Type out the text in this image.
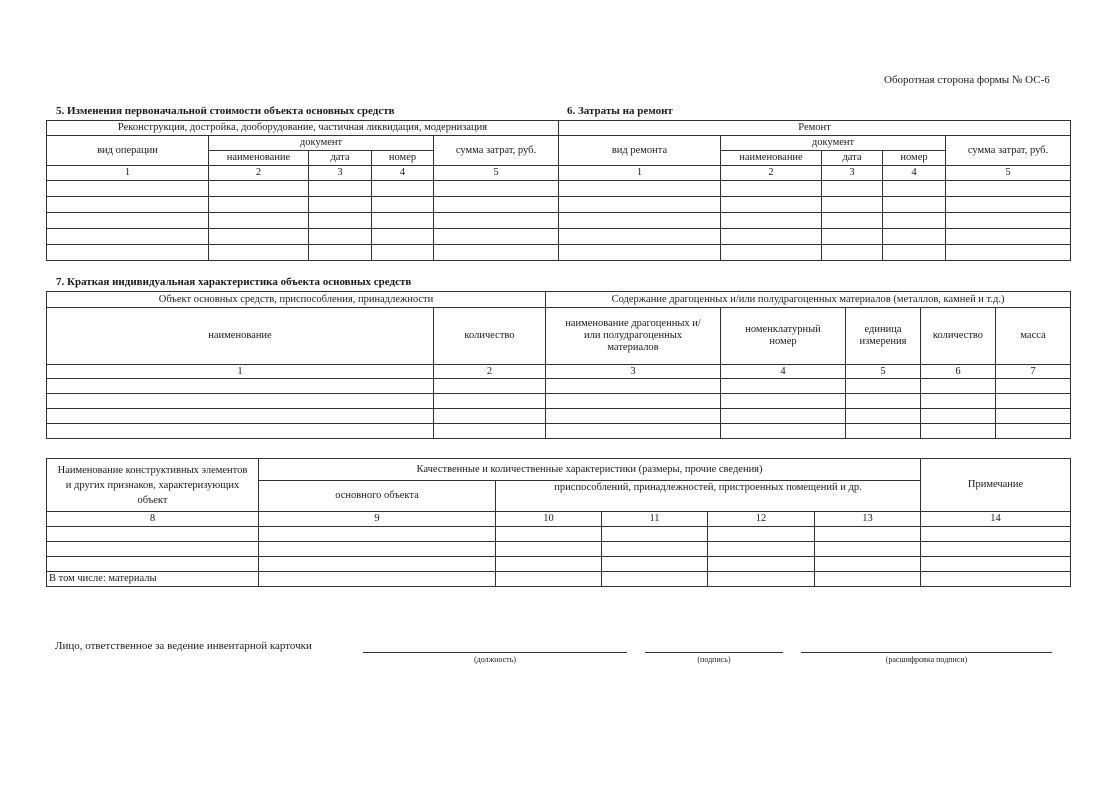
Оборотная сторона формы № ОС-6
5. Изменения первоначальной стоимости объекта основных средств
Реконструкция, достройка, дооборудование, частичная ликвидация, модернизация				
вид операции	документ			сумма затрат, руб.
	наименование	дата	номер	
1	2	3	4	5

6. Затраты на ремонт
Ремонт				
вид ремонта	документ			сумма затрат, руб.
	наименование	дата	номер	
1	2	3	4	5

7. Краткая индивидуальная характеристика объекта основных средств
Объект основных средств, приспособления, принадлежности		Содержание драгоценных и/или полудрагоценных материалов (металлов, камней и т.д.)				
наименование	количество	наименование драгоценных и/или полудрагоценных материалов	номенклатурный номер	единица измерения	количество	масса
1	2	3	4	5	6	7

Наименование конструктивных элементов и других признаков, характеризующих объект	Качественные и количественные характеристики (размеры, прочие сведения)					Примечание
	основного объекта	приспособлений, принадлежностей, пристроенных помещений и др.				
8	9	10	11	12	13	14

В том числе: материалы						
Лицо, ответственное за ведение инвентарной карточки
(должность)	(подпись)	(расшифровка подписи)
